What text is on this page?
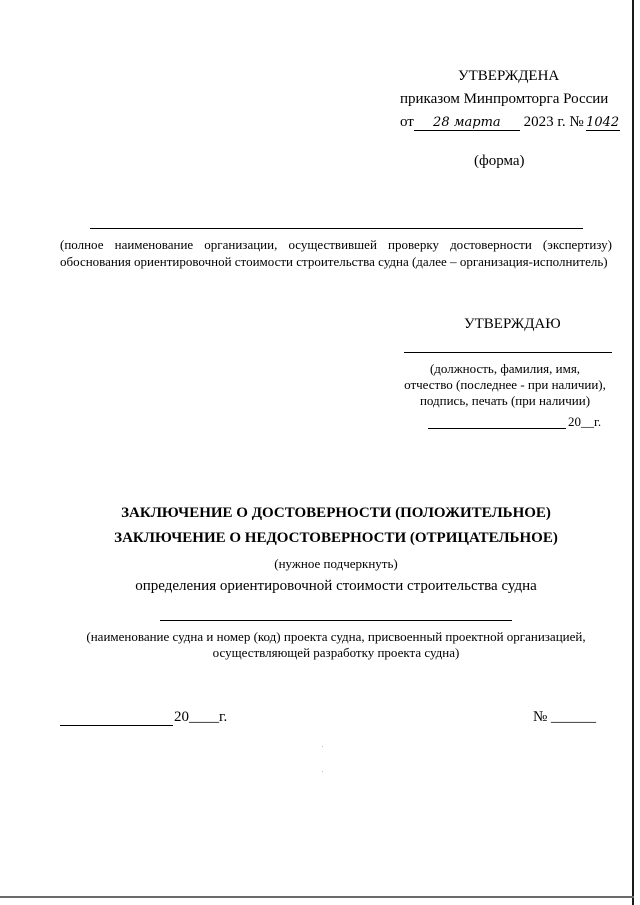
УТВЕРЖДЕНА
приказом Минпромторга России
от 28 марта 2023 г. № 1042
(форма)
(полное наименование организации, осуществившей проверку достоверности (экспертизу) обоснования ориентировочной стоимости строительства судна (далее – организация-исполнитель)
УТВЕРЖДАЮ
(должность, фамилия, имя,
отчество (последнее - при наличии),
подпись, печать (при наличии)
20__г.
ЗАКЛЮЧЕНИЕ О ДОСТОВЕРНОСТИ (ПОЛОЖИТЕЛЬНОЕ)
ЗАКЛЮЧЕНИЕ О НЕДОСТОВЕРНОСТИ (ОТРИЦАТЕЛЬНОЕ)
(нужное подчеркнуть)
определения ориентировочной стоимости строительства судна
(наименование судна и номер (код) проекта судна, присвоенный проектной организацией,
осуществляющей разработку проекта судна)
20____г.	№ ______
